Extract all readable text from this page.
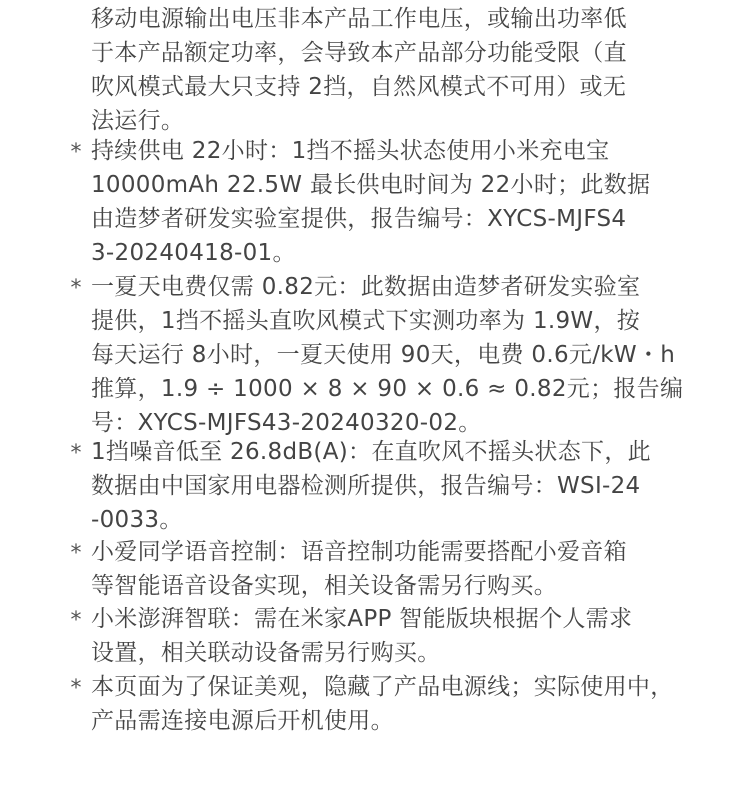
移动电源输出电压非本产品工作电压，或输出功率低
于本产品额定功率，会导致本产品部分功能受限（直
吹风模式最大只支持 2挡，自然风模式不可用）或无
法运行。
* 持续供电 22小时：1挡不摇头状态使用小米充电宝
10000mAh 22.5W 最长供电时间为 22小时；此数据
由造梦者研发实验室提供，报告编号：XYCS-MJFS4
3-20240418-01。
* 一夏天电费仅需 0.82元：此数据由造梦者研发实验室
提供，1挡不摇头直吹风模式下实测功率为 1.9W，按
每天运行 8小时，一夏天使用 90天，电费 0.6元/kW・h
推算，1.9 ÷ 1000 × 8 × 90 × 0.6 ≈ 0.82元；报告编
号：XYCS-MJFS43-20240320-02。
* 1挡噪音低至 26.8dB(A)：在直吹风不摇头状态下，此
数据由中国家用电器检测所提供，报告编号：WSI-24
-0033。
* 小爱同学语音控制：语音控制功能需要搭配小爱音箱
等智能语音设备实现，相关设备需另行购买。
* 小米澎湃智联：需在米家APP 智能版块根据个人需求
设置，相关联动设备需另行购买。
* 本页面为了保证美观，隐藏了产品电源线；实际使用中，
产品需连接电源后开机使用。
